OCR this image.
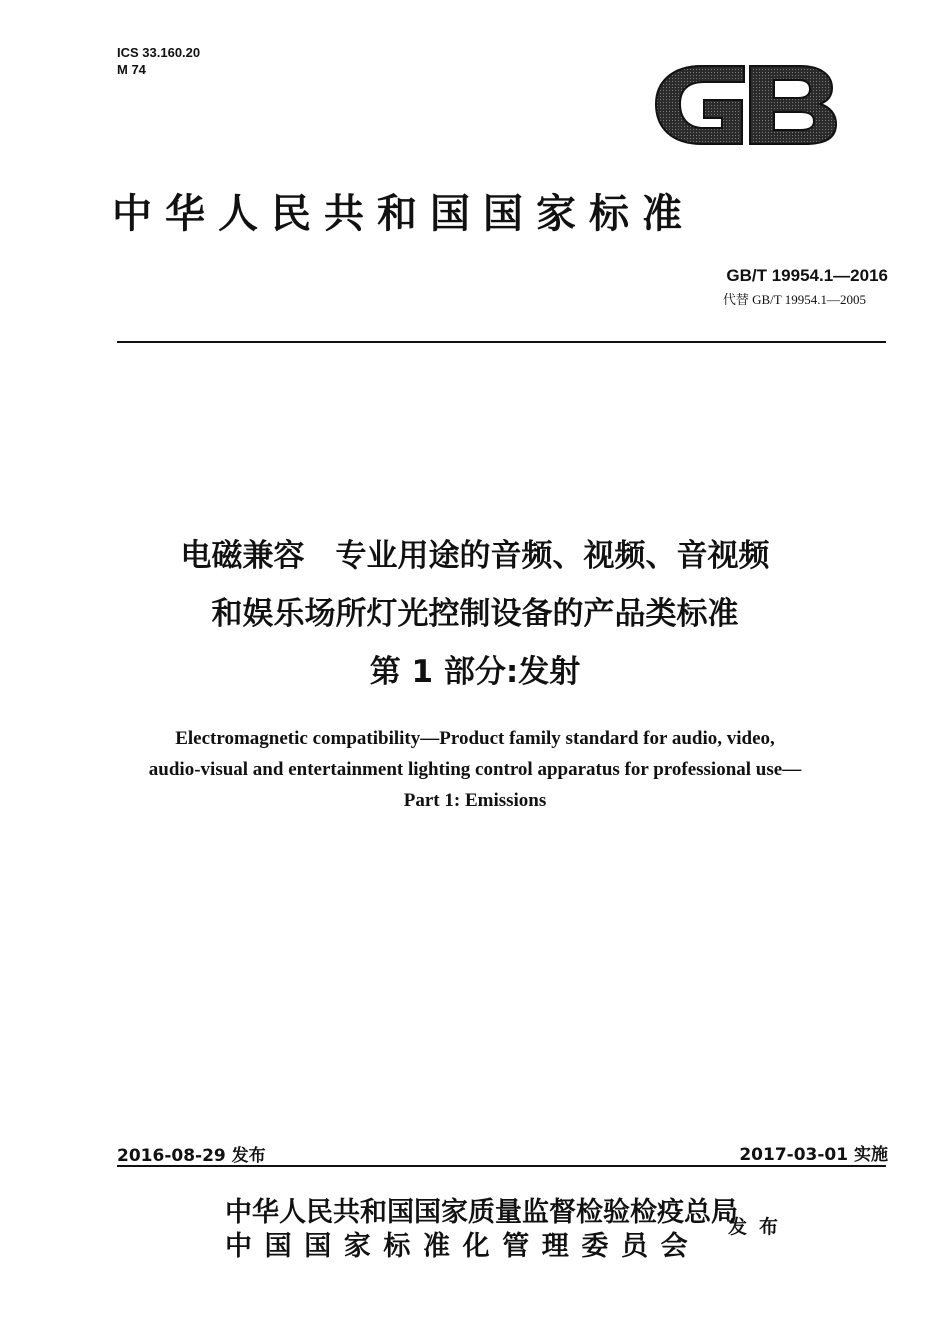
ICS 33.160.20
M 74
中华人民共和国国家标准
GB/T 19954.1—2016
代替 GB/T 19954.1—2005
电磁兼容　专业用途的音频、视频、音视频
和娱乐场所灯光控制设备的产品类标准
第 1 部分:发射
Electromagnetic compatibility—Product family standard for audio, video,
audio-visual and entertainment lighting control apparatus for professional use—
Part 1: Emissions
2016-08-29 发布	2017-03-01 实施
中华人民共和国国家质量监督检验检疫总局
中国国家标准化管理委员会
发布
